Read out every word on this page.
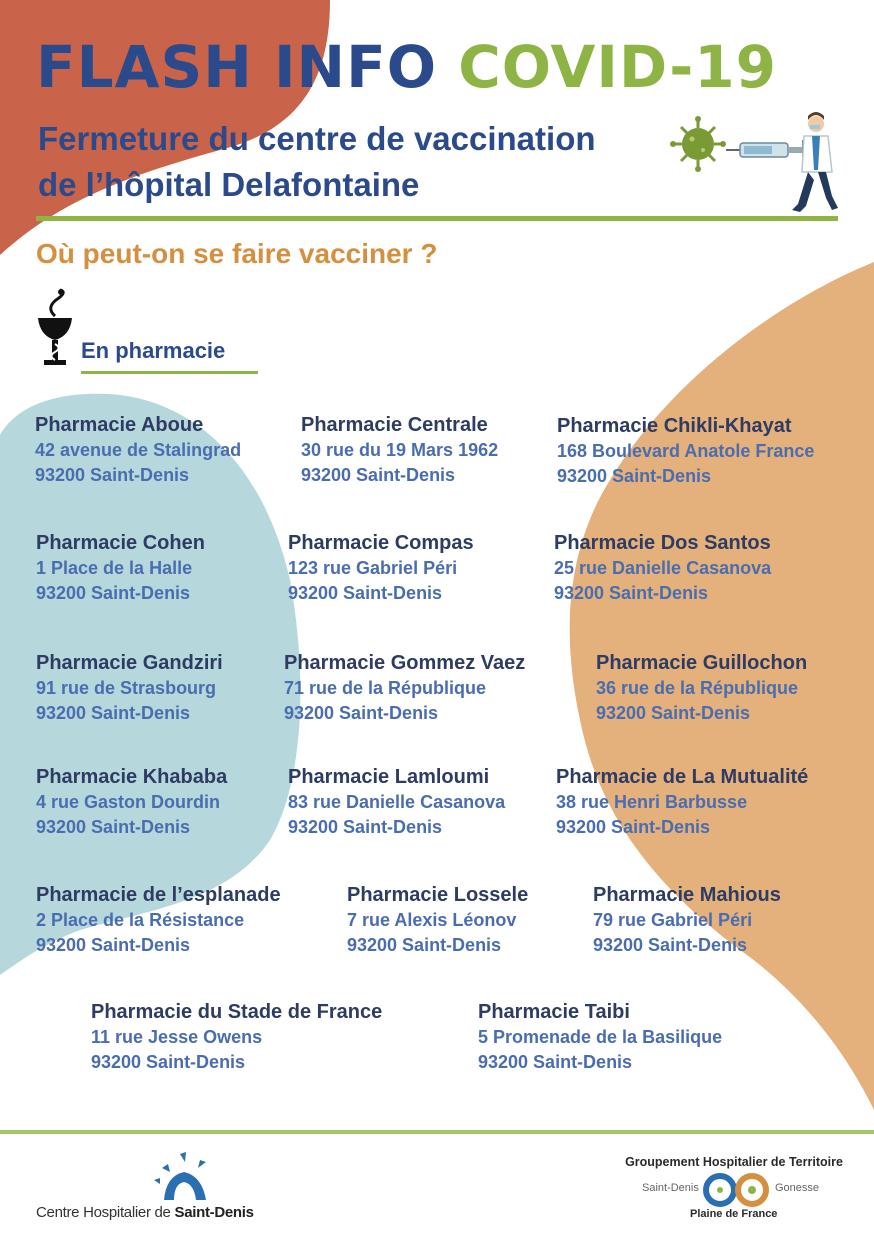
FLASH INFO COVID-19
Fermeture du centre de vaccination
de l’hôpital Delafontaine
Où peut-on se faire vacciner ?
En pharmacie
Pharmacie Aboue
42 avenue de Stalingrad
93200 Saint-Denis
Pharmacie Centrale
30 rue du 19 Mars 1962
93200 Saint-Denis
Pharmacie Chikli-Khayat
168 Boulevard Anatole France
93200 Saint-Denis
Pharmacie Cohen
1 Place de la Halle
93200 Saint-Denis
Pharmacie Compas
123 rue Gabriel Péri
93200 Saint-Denis
Pharmacie Dos Santos
25 rue Danielle Casanova
93200 Saint-Denis
Pharmacie Gandziri
91 rue de Strasbourg
93200 Saint-Denis
Pharmacie Gommez Vaez
71 rue de la République
93200 Saint-Denis
Pharmacie Guillochon
36 rue de la République
93200 Saint-Denis
Pharmacie Khababa
4 rue Gaston Dourdin
93200 Saint-Denis
Pharmacie Lamloumi
83 rue Danielle Casanova
93200 Saint-Denis
Pharmacie de La Mutualité
38 rue Henri Barbusse
93200 Saint-Denis
Pharmacie de l’esplanade
2 Place de la Résistance
93200 Saint-Denis
Pharmacie Lossele
7 rue Alexis Léonov
93200 Saint-Denis
Pharmacie Mahious
79 rue Gabriel Péri
93200 Saint-Denis
Pharmacie du Stade de France
11 rue Jesse Owens
93200 Saint-Denis
Pharmacie Taibi
5 Promenade de la Basilique
93200 Saint-Denis
Centre Hospitalier de Saint-Denis
Groupement Hospitalier de Territoire
Saint-Denis	Gonesse
Plaine de France
